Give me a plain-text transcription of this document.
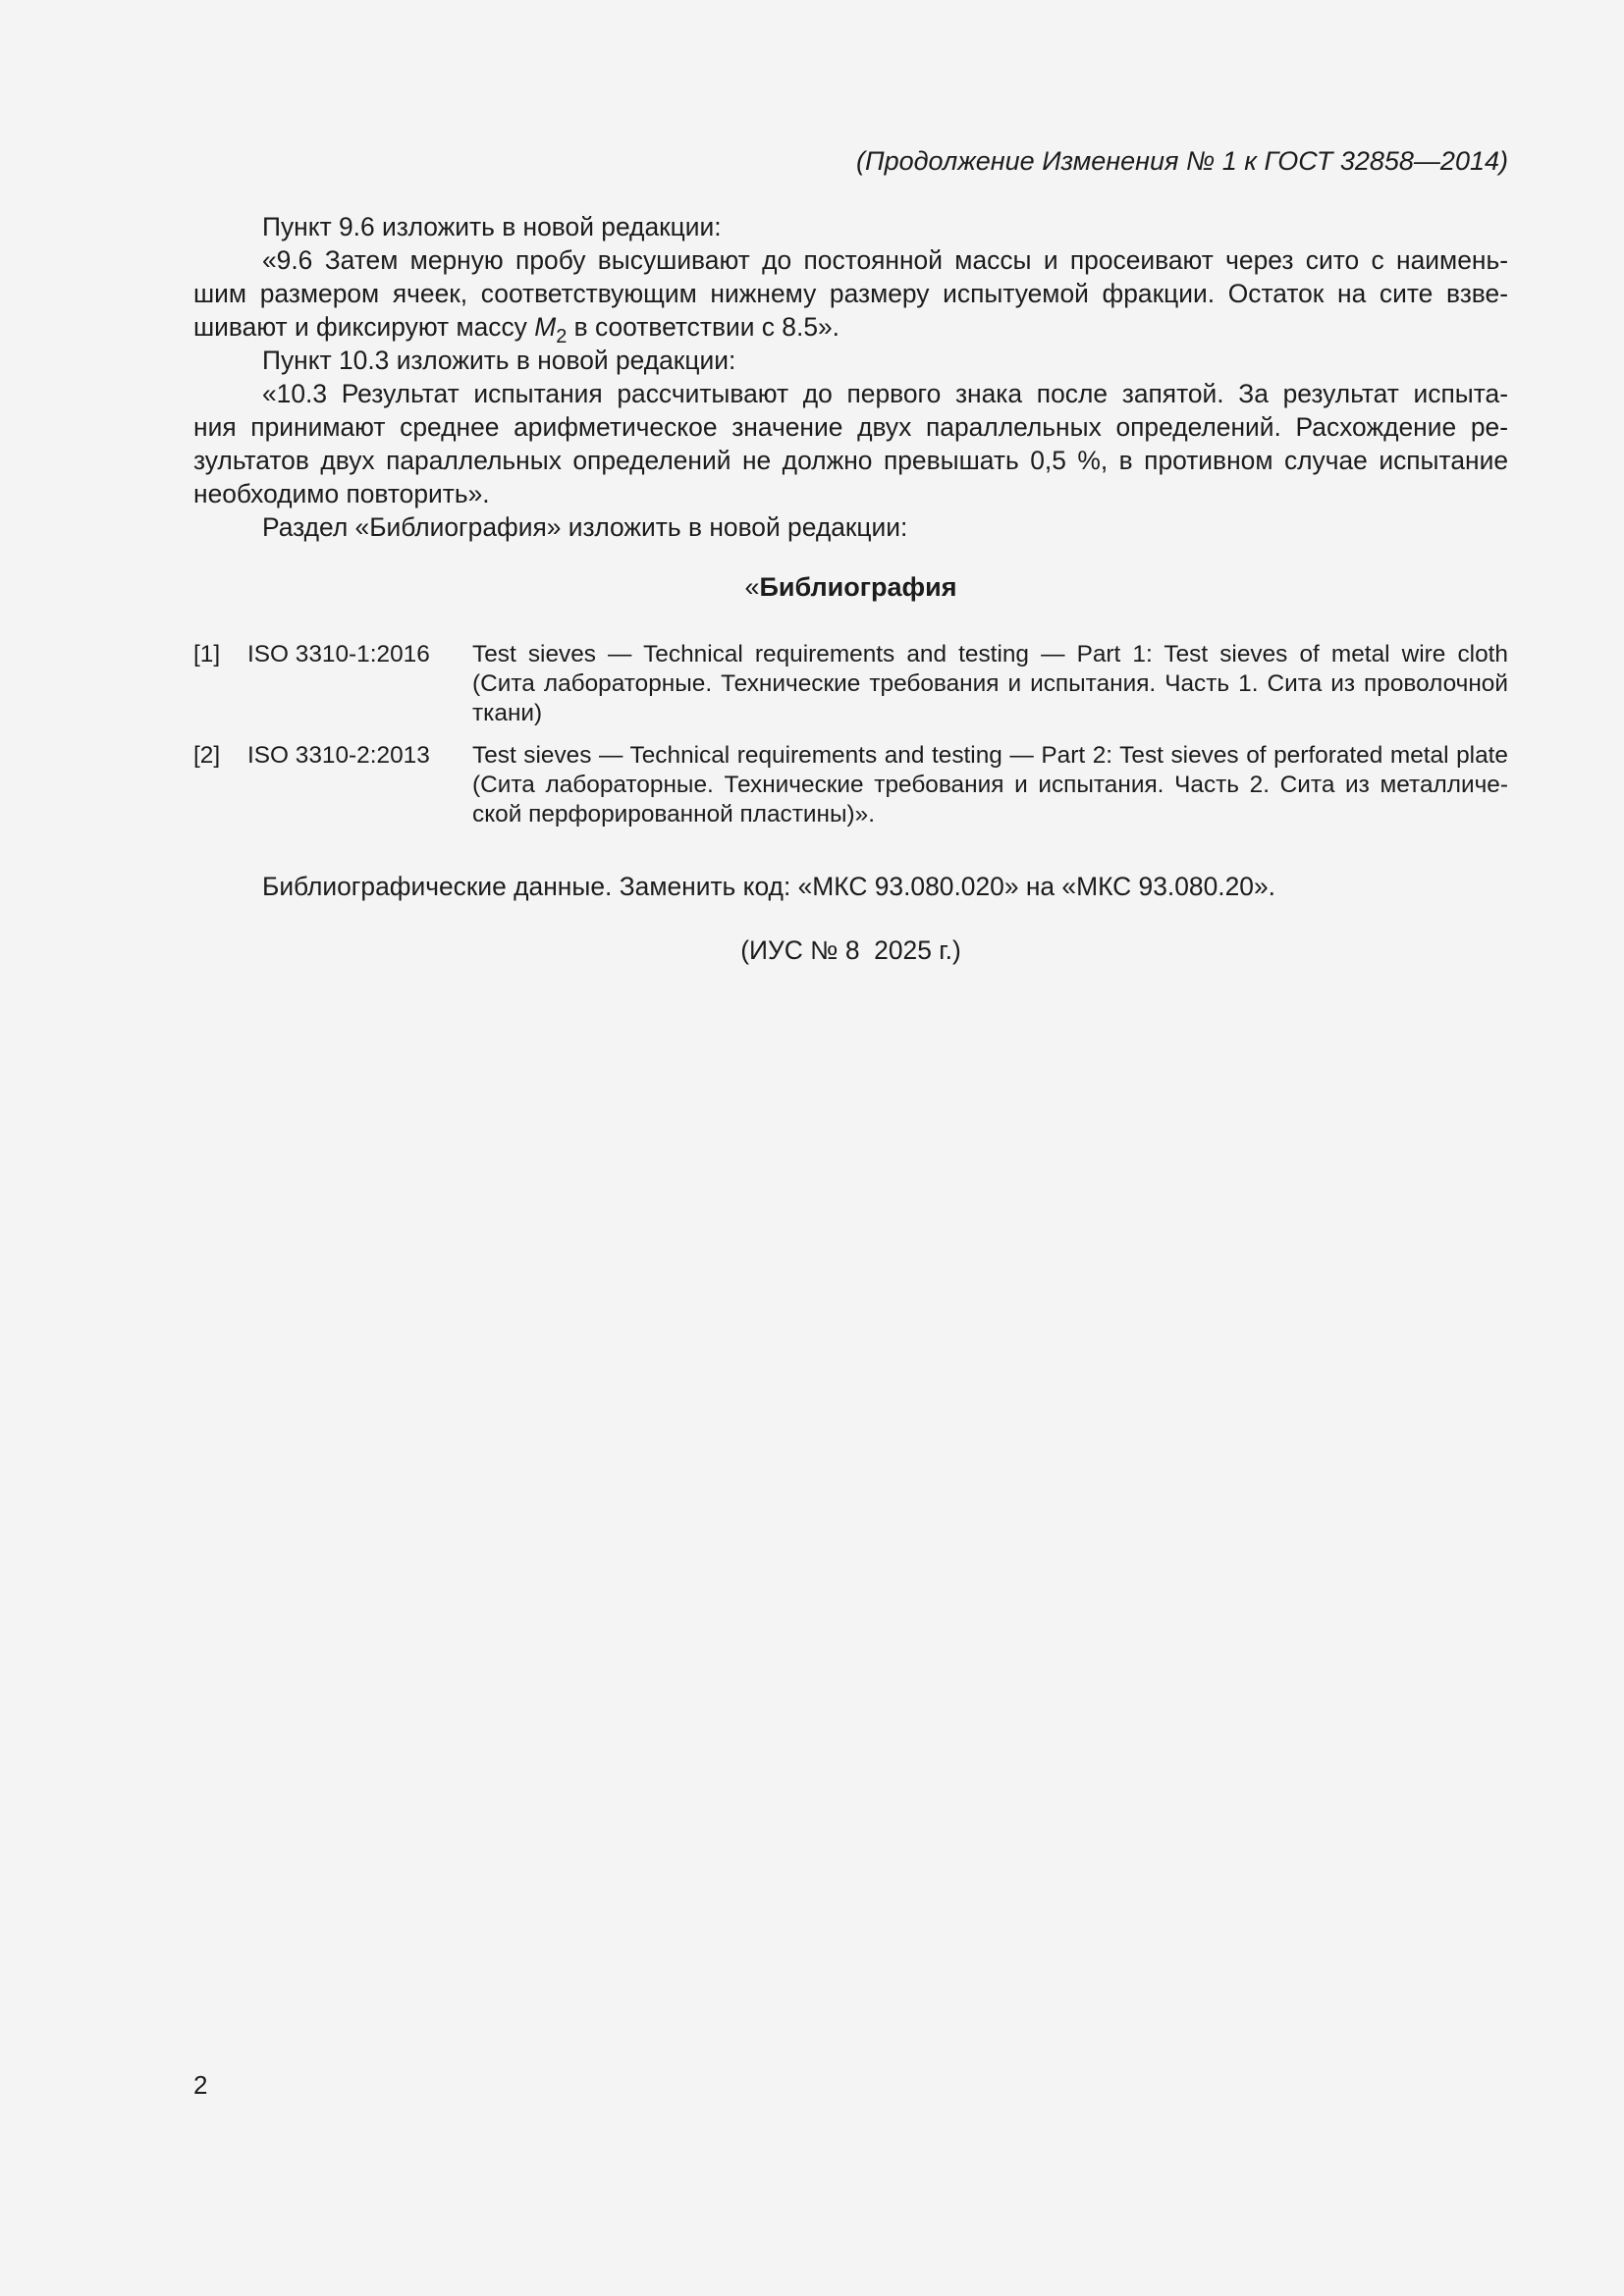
(Продолжение Изменения № 1 к ГОСТ 32858—2014)
Пункт 9.6 изложить в новой редакции:
«9.6 Затем мерную пробу высушивают до постоянной массы и просеивают через сито с наимень-
шим размером ячеек, соответствующим нижнему размеру испытуемой фракции. Остаток на сите взве-
шивают и фиксируют массу $M_2$ в соответствии с 8.5».
Пункт 10.3 изложить в новой редакции:
«10.3 Результат испытания рассчитывают до первого знака после запятой. За результат испыта-
ния принимают среднее арифметическое значение двух параллельных определений. Расхождение ре-
зультатов двух параллельных определений не должно превышать 0,5 %, в противном случае испытание
необходимо повторить».
Раздел «Библиография» изложить в новой редакции:
«Библиография
[1] ISO 3310-1:2016 Test sieves — Technical requirements and testing — Part 1: Test sieves of metal wire cloth
(Сита лабораторные. Технические требования и испытания. Часть 1. Сита из проволочной
ткани)
[2] ISO 3310-2:2013 Test sieves — Technical requirements and testing — Part 2: Test sieves of perforated metal plate
(Сита лабораторные. Технические требования и испытания. Часть 2. Сита из металличе-
ской перфорированной пластины)».
Библиографические данные. Заменить код: «МКС 93.080.020» на «МКС 93.080.20».
(ИУС № 8  2025 г.)
2
